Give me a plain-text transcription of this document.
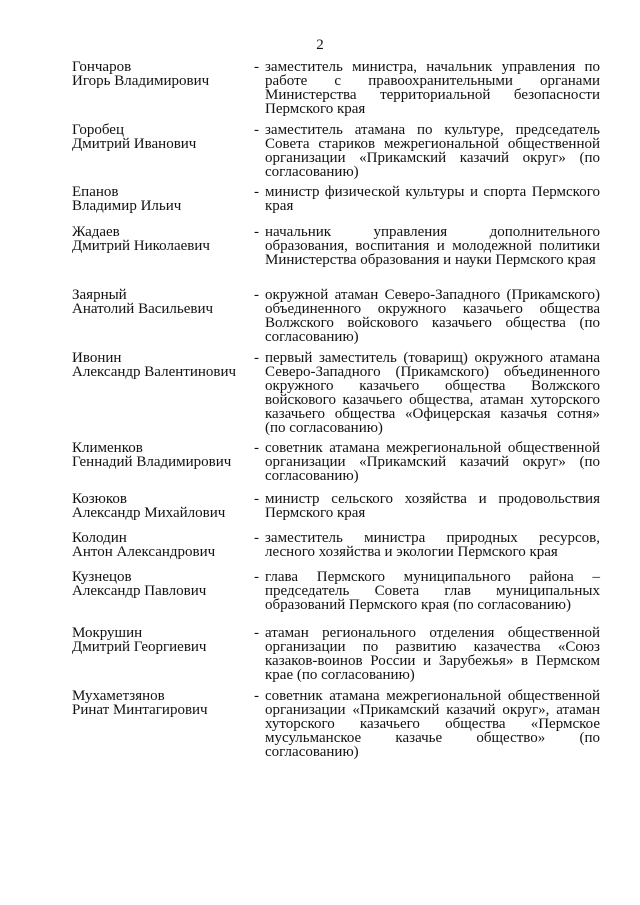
2
Гончаров
Игорь Владимирович
- заместитель министра, начальник управления по работе с правоохранительными органами Министерства территориальной безопасности Пермского края
Горобец
Дмитрий Иванович
- заместитель атамана по культуре, председатель Совета стариков межрегиональной общественной организации «Прикамский казачий округ» (по согласованию)
Епанов
Владимир Ильич
- министр физической культуры и спорта Пермского края
Жадаев
Дмитрий Николаевич
- начальник управления дополнительного образования, воспитания и молодежной политики Министерства образования и науки Пермского края
Заярный
Анатолий Васильевич
- окружной атаман Северо-Западного (Прикамского) объединенного окружного казачьего общества Волжского войскового казачьего общества (по согласованию)
Ивонин
Александр Валентинович
- первый заместитель (товарищ) окружного атамана Северо-Западного (Прикамского) объединенного окружного казачьего общества Волжского войскового казачьего общества, атаман хуторского казачьего общества «Офицерская казачья сотня» (по согласованию)
Клименков
Геннадий Владимирович
- советник атамана межрегиональной общественной организации «Прикамский казачий округ» (по согласованию)
Козюков
Александр Михайлович
- министр сельского хозяйства и продовольствия Пермского края
Колодин
Антон Александрович
- заместитель министра природных ресурсов, лесного хозяйства и экологии Пермского края
Кузнецов
Александр Павлович
- глава Пермского муниципального района – председатель Совета глав муниципальных образований Пермского края (по согласованию)
Мокрушин
Дмитрий Георгиевич
- атаман регионального отделения общественной организации по развитию казачества «Союз казаков-воинов России и Зарубежья» в Пермском крае (по согласованию)
Мухаметзянов
Ринат Минтагирович
- советник атамана межрегиональной общественной организации «Прикамский казачий округ», атаман хуторского казачьего общества «Пермское мусульманское казачье общество» (по согласованию)
